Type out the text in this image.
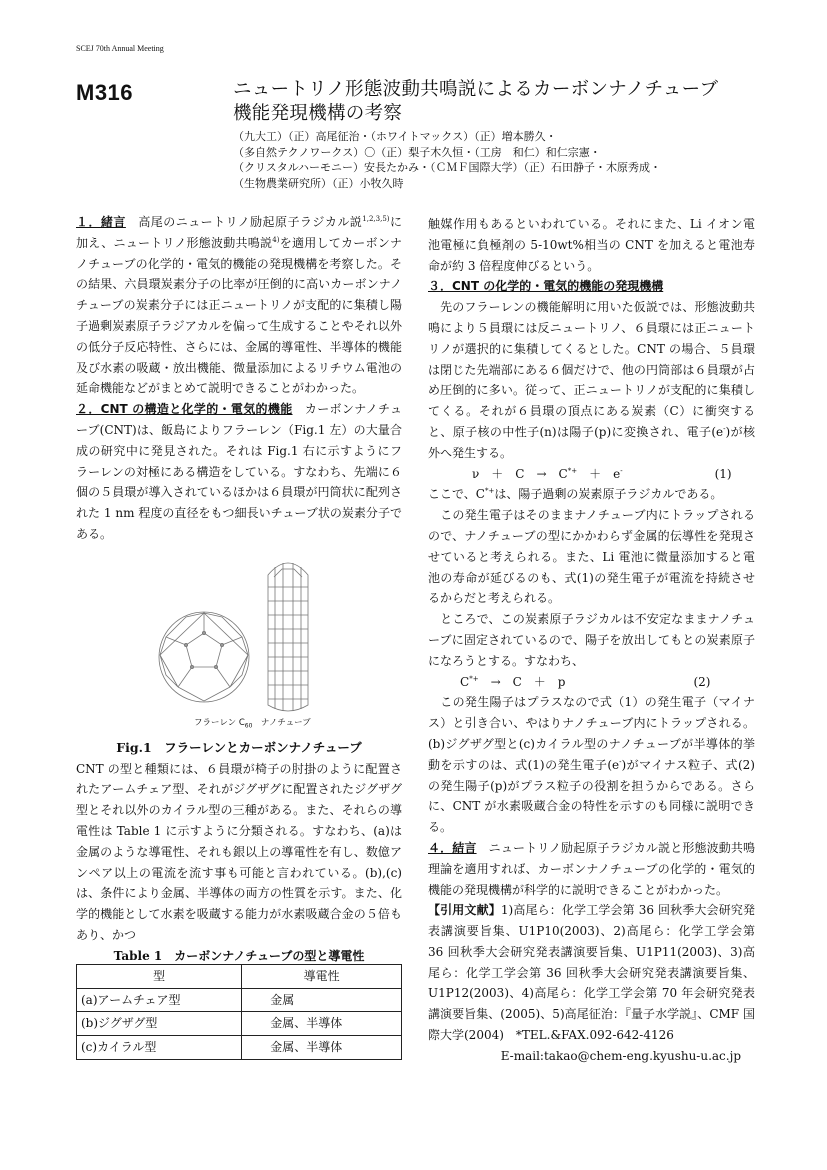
SCEJ 70th Annual Meeting
M316	ニュートリノ形態波動共鳴説によるカーボンナノチューブ
機能発現機構の考察
（九大工）（正）高尾征治・（ホワイトマックス）（正）増本勝久・
（多自然テクノワークス）〇（正）梨子木久恒・（工房　和仁）和仁宗憲・
（クリスタルハーモニー）安長たかみ・（ＣＭＦ国際大学）（正）石田静子・木原秀成・
（生物農業研究所）（正）小牧久時

１．緒言　高尾のニュートリノ励起原子ラジカル説$^{1,2,3,5)}$に加え、ニュートリノ形態波動共鳴説$^{4)}$を適用してカーボンナノチューブの化学的・電気的機能の発現機構を考察した。その結果、六員環炭素分子の比率が圧倒的に高いカーボンナノチューブの炭素分子には正ニュートリノが支配的に集積し陽子過剰炭素原子ラジアカルを偏って生成することやそれ以外の低分子反応特性、さらには、金属的導電性、半導体的機能及び水素の吸蔵・放出機能、微量添加によるリチウム電池の延命機能などがまとめて説明できることがわかった。

２．CNT の構造と化学的・電気的機能　カーボンナノチューブ(CNT)は、飯島によりフラーレン（Fig.1 左）の大量合成の研究中に発見された。それは Fig.1 右に示すようにフラーレンの対極にある構造をしている。すなわち、先端に６個の５員環が導入されているほかは６員環が円筒状に配列された 1 nm 程度の直径をもつ細長いチューブ状の炭素分子である。

フラーレン $C_{60}$　 ナノチューブ
Fig.1　フラーレンとカーボンナノチューブ

CNT の型と種類には、６員環が椅子の肘掛のように配置されたアームチェア型、それがジグザグに配置されたジグザグ型とそれ以外のカイラル型の三種がある。また、それらの導電性は Table 1 に示すように分類される。すなわち、(a)は金属のような導電性、それも銀以上の導電性を有し、数億アンペア以上の電流を流す事も可能と言われている。(b),(c)は、条件により金属、半導体の両方の性質を示す。また、化学的機能として水素を吸蔵する能力が水素吸蔵合金の５倍もあり、かつ

Table 1　カーボンナノチューブの型と導電性
型	導電性
(a)アームチェア型	金属
(b)ジグザグ型	金属、半導体
(c)カイラル型	金属、半導体

触媒作用もあるといわれている。それにまた、Li イオン電池電極に負極剤の 5-10wt%相当の CNT を加えると電池寿命が約 3 倍程度伸びるという。

３．CNT の化学的・電気的機能の発現機構

　先のフラーレンの機能解明に用いた仮説では、形態波動共鳴により５員環には反ニュートリノ、６員環には正ニュートリノが選択的に集積してくるとした。CNT の場合、５員環は閉じた先端部にある６個だけで、他の円筒部は６員環が占め圧倒的に多い。従って、正ニュートリノが支配的に集積してくる。それが６員環の頂点にある炭素（C）に衝突すると、原子核の中性子(n)は陽子(p)に変換され、電子(e-)が核外へ発生する。

ν　＋　C　→　C*+　＋　e-	(1)

ここで、C*+は、陽子過剰の炭素原子ラジカルである。

　この発生電子はそのままナノチューブ内にトラップされるので、ナノチューブの型にかかわらず金属的伝導性を発現させていると考えられる。また、Li 電池に微量添加すると電池の寿命が延びるのも、式(1)の発生電子が電流を持続させるからだと考えられる。

　ところで、この炭素原子ラジカルは不安定なままナノチューブに固定されているので、陽子を放出してもとの炭素原子になろうとする。すなわち、

C*+　→　C　＋　p	(2)

　この発生陽子はプラスなので式（1）の発生電子（マイナス）と引き合い、やはりナノチューブ内にトラップされる。(b)ジグザグ型と(c)カイラル型のナノチューブが半導体的挙動を示すのは、式(1)の発生電子(e-)がマイナス粒子、式(2)の発生陽子(p)がプラス粒子の役割を担うからである。さらに、CNT が水素吸蔵合金の特性を示すのも同様に説明できる。

４．結言　ニュートリノ励起原子ラジカル説と形態波動共鳴理論を適用すれば、カーボンナノチューブの化学的・電気的機能の発現機構が科学的に説明できることがわかった。

【引用文献】1)高尾ら：化学工学会第 36 回秋季大会研究発表講演要旨集、U1P10(2003)、2)高尾ら：化学工学会第 36 回秋季大会研究発表講演要旨集、U1P11(2003)、3)高尾ら：化学工学会第 36 回秋季大会研究発表講演要旨集、U1P12(2003)、4)高尾ら：化学工学会第 70 年会研究発表講演要旨集、(2005)、5)高尾征治：『量子水学説』、CMF 国際大学(2004)　*TEL.&FAX.092-642-4126

E-mail:takao@chem-eng.kyushu-u.ac.jp
